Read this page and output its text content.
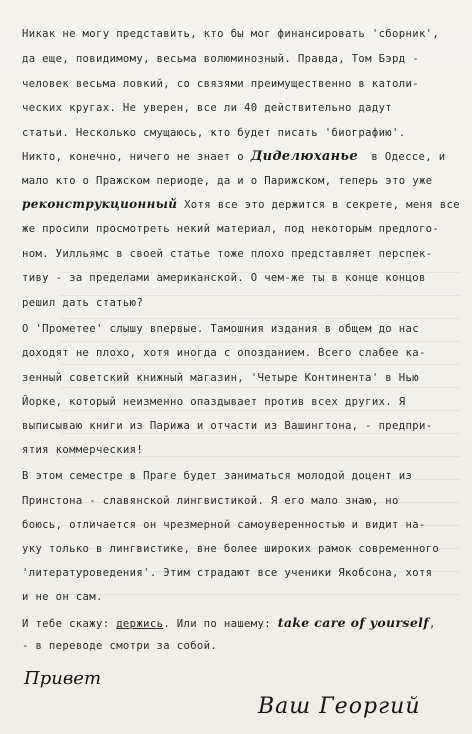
Никак не могу представить, кто бы мог финансировать 'сборник',
да еще, повидимому, весьма волюминозный. Правда, Том Бэрд -
человек весьма ловкий, со связями преимущественно в католи-
ческих кругах. Не уверен, все ли 40 действительно дадут
статьи. Несколько смущаюсь, кто будет писать 'биографию'.
Никто, конечно, ничего не знает о Диделюханье  в Одессе, и
мало кто о Пражском периоде, да и о Парижском, теперь это уже
реконструкционный Хотя все это держится в секрете, меня все
же просили просмотреть некий материал, под некоторым предлого-
ном. Уилльямс в своей статье тоже плохо представляет перспек-
тиву - за пределами американской. О чем-же ты в конце концов
решил дать статью?
О 'Прометее' слышу впервые. Тамошния издания в общем до нас
доходят не плохо, хотя иногда с опозданием. Всего слабее ка-
зенный советский книжный магазин, 'Четыре Континента' в Нью
Йорке, который неизменно опаздывает против всех других. Я
выписываю книги из Парижа и отчасти из Вашингтона, - предпри-
ятия коммерческия!
В этом семестре в Праге будет заниматься молодой доцент из
Принстона - славянской лингвистикой. Я его мало знаю, но
боюсь, отличается он чрезмерной самоуверенностью и видит на-
уку только в лингвистике, вне более широких рамок современного
'литературоведения'. Этим страдают все ученики Якобсона, хотя
и не он сам.
И тебе скажу: держись. Или по нашему: take care of yourself,
- в переводе смотри за собой.
Привет
Ваш Георгий
